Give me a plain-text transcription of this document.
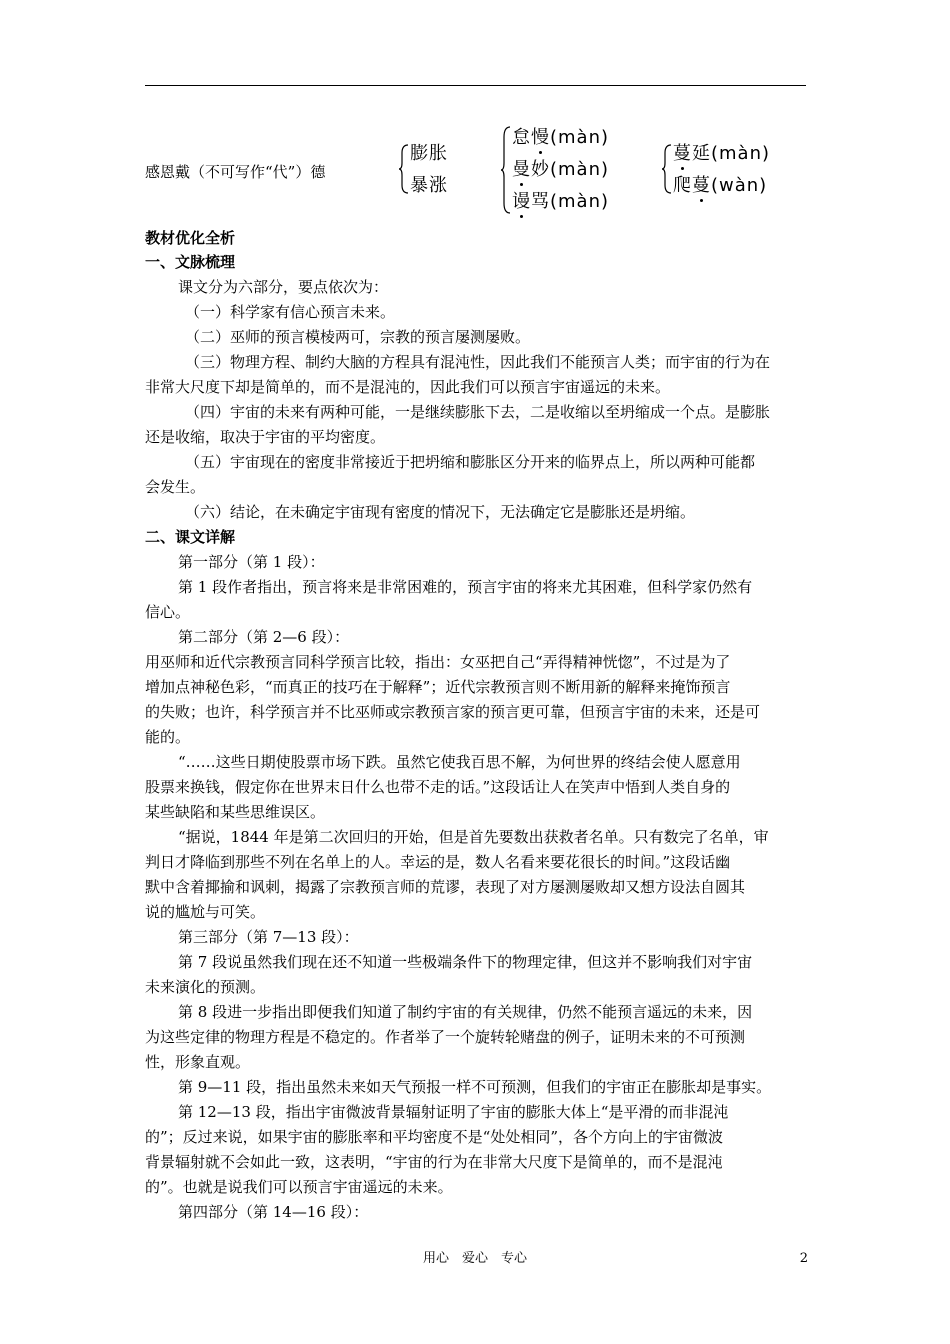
感恩戴（不可写作“代”）德
膨胀
暴涨
怠慢(màn)
曼妙(màn)
谩骂(màn)
蔓延(màn)
爬蔓(wàn)
教材优化全析
一、文脉梳理
课文分为六部分，要点依次为：
（一）科学家有信心预言未来。
（二）巫师的预言模棱两可，宗教的预言屡测屡败。
（三）物理方程、制约大脑的方程具有混沌性，因此我们不能预言人类；而宇宙的行为在
非常大尺度下却是简单的，而不是混沌的，因此我们可以预言宇宙遥远的未来。
（四）宇宙的未来有两种可能，一是继续膨胀下去，二是收缩以至坍缩成一个点。是膨胀
还是收缩，取决于宇宙的平均密度。
（五）宇宙现在的密度非常接近于把坍缩和膨胀区分开来的临界点上，所以两种可能都
会发生。
（六）结论，在未确定宇宙现有密度的情况下，无法确定它是膨胀还是坍缩。
二、课文详解
第一部分（第 1 段）：
第 1 段作者指出，预言将来是非常困难的，预言宇宙的将来尤其困难，但科学家仍然有
信心。
第二部分（第 2—6 段）：
用巫师和近代宗教预言同科学预言比较，指出：女巫把自己“弄得精神恍惚”，不过是为了
增加点神秘色彩，“而真正的技巧在于解释”；近代宗教预言则不断用新的解释来掩饰预言
的失败；也许，科学预言并不比巫师或宗教预言家的预言更可靠，但预言宇宙的未来，还是可
能的。
“……这些日期使股票市场下跌。虽然它使我百思不解，为何世界的终结会使人愿意用
股票来换钱，假定你在世界末日什么也带不走的话。”这段话让人在笑声中悟到人类自身的
某些缺陷和某些思维误区。
“据说，1844 年是第二次回归的开始，但是首先要数出获救者名单。只有数完了名单，审
判日才降临到那些不列在名单上的人。幸运的是，数人名看来要花很长的时间。”这段话幽
默中含着揶揄和讽刺，揭露了宗教预言师的荒谬，表现了对方屡测屡败却又想方设法自圆其
说的尴尬与可笑。
第三部分（第 7—13 段）：
第 7 段说虽然我们现在还不知道一些极端条件下的物理定律，但这并不影响我们对宇宙
未来演化的预测。
第 8 段进一步指出即便我们知道了制约宇宙的有关规律，仍然不能预言遥远的未来，因
为这些定律的物理方程是不稳定的。作者举了一个旋转轮赌盘的例子，证明未来的不可预测
性，形象直观。
第 9—11 段，指出虽然未来如天气预报一样不可预测，但我们的宇宙正在膨胀却是事实。
第 12—13 段，指出宇宙微波背景辐射证明了宇宙的膨胀大体上“是平滑的而非混沌
的”；反过来说，如果宇宙的膨胀率和平均密度不是“处处相同”，各个方向上的宇宙微波
背景辐射就不会如此一致，这表明，“宇宙的行为在非常大尺度下是简单的，而不是混沌
的”。也就是说我们可以预言宇宙遥远的未来。
第四部分（第 14—16 段）：
用心　爱心　专心	2
